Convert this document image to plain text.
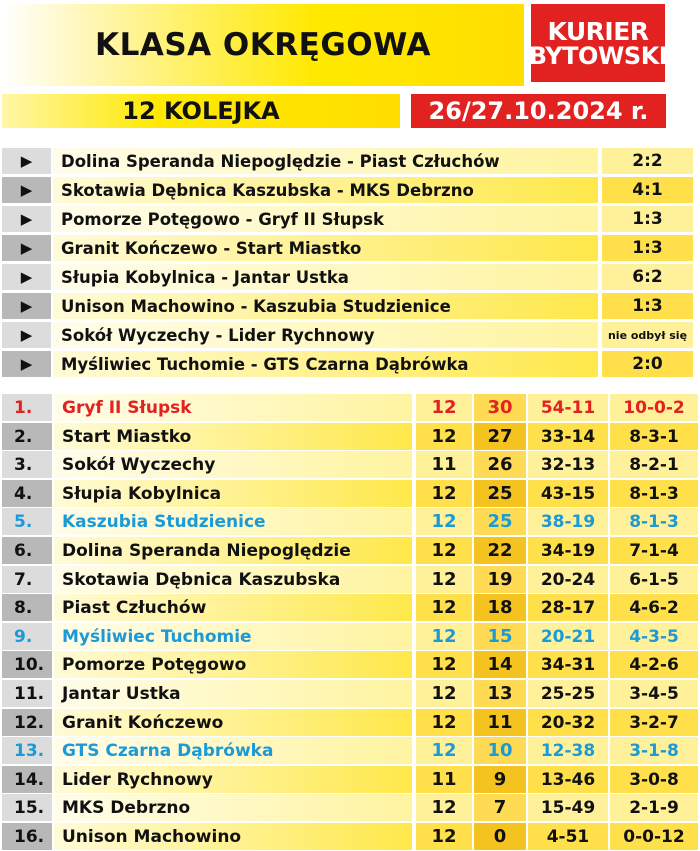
KLASA OKRĘGOWA	KURIER
BYTOWSKI
12 KOLEJKA	26/27.10.2024 r.
▶	Dolina Speranda Niepoględzie - Piast Człuchów	2:2
▶	Skotawia Dębnica Kaszubska - MKS Debrzno	4:1
▶	Pomorze Potęgowo - Gryf II Słupsk	1:3
▶	Granit Kończewo - Start Miastko	1:3
▶	Słupia Kobylnica - Jantar Ustka	6:2
▶	Unison Machowino - Kaszubia Studzienice	1:3
▶	Sokół Wyczechy - Lider Rychnowy	nie odbył się
▶	Myśliwiec Tuchomie - GTS Czarna Dąbrówka	2:0
1.	Gryf II Słupsk	12	30	54-11	10-0-2
2.	Start Miastko	12	27	33-14	8-3-1
3.	Sokół Wyczechy	11	26	32-13	8-2-1
4.	Słupia Kobylnica	12	25	43-15	8-1-3
5.	Kaszubia Studzienice	12	25	38-19	8-1-3
6.	Dolina Speranda Niepoględzie	12	22	34-19	7-1-4
7.	Skotawia Dębnica Kaszubska	12	19	20-24	6-1-5
8.	Piast Człuchów	12	18	28-17	4-6-2
9.	Myśliwiec Tuchomie	12	15	20-21	4-3-5
10.	Pomorze Potęgowo	12	14	34-31	4-2-6
11.	Jantar Ustka	12	13	25-25	3-4-5
12.	Granit Kończewo	12	11	20-32	3-2-7
13.	GTS Czarna Dąbrówka	12	10	12-38	3-1-8
14.	Lider Rychnowy	11	9	13-46	3-0-8
15.	MKS Debrzno	12	7	15-49	2-1-9
16.	Unison Machowino	12	0	4-51	0-0-12
